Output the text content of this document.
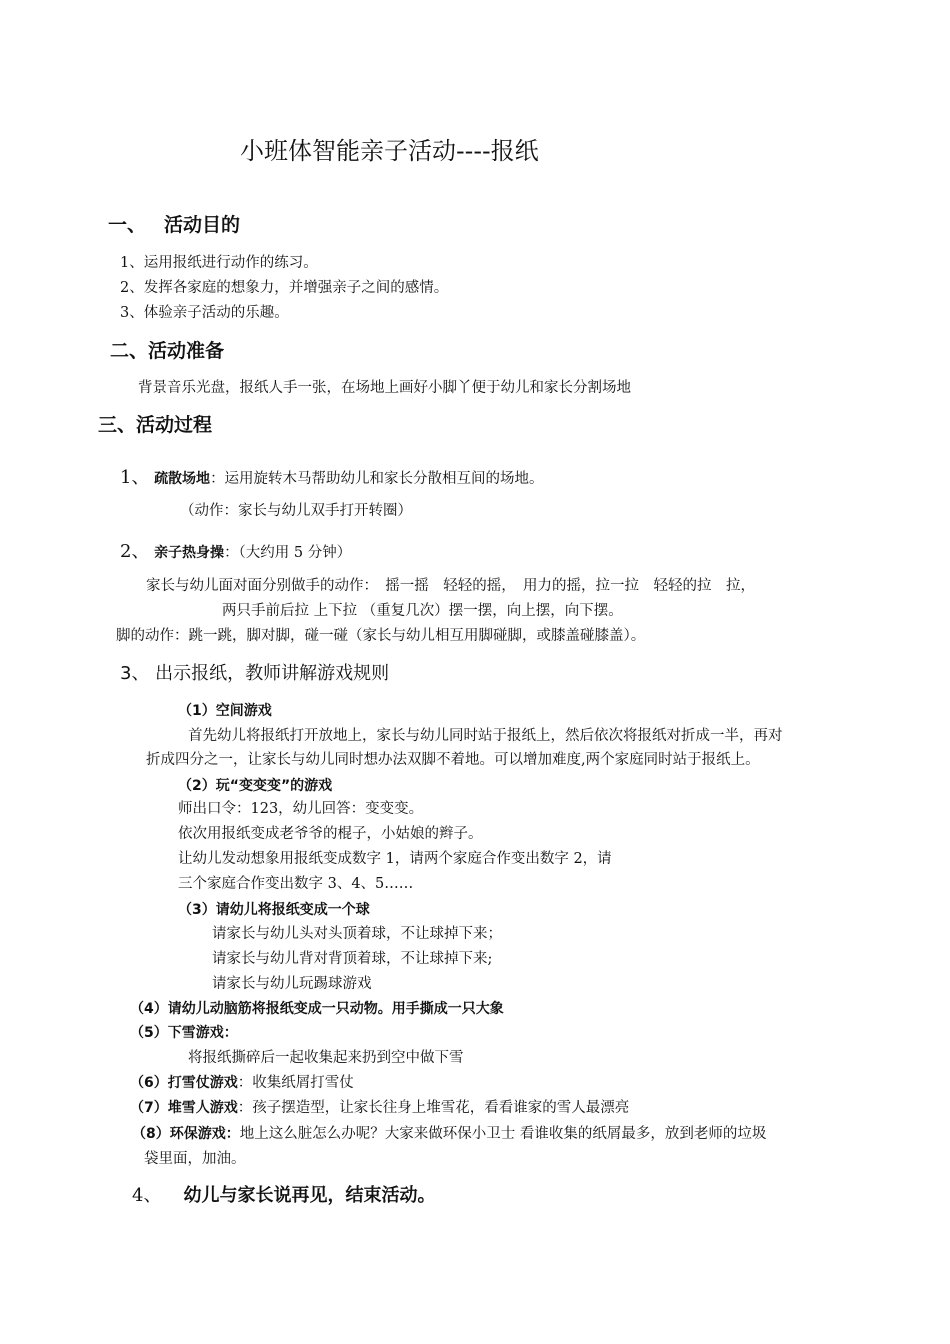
小班体智能亲子活动----报纸
一、 活动目的
1、运用报纸进行动作的练习。
2、发挥各家庭的想象力，并增强亲子之间的感情。
3、体验亲子活动的乐趣。
二、活动准备
背景音乐光盘，报纸人手一张，在场地上画好小脚丫便于幼儿和家长分割场地
三、活动过程
1、 疏散场地：运用旋转木马帮助幼儿和家长分散相互间的场地。
（动作：家长与幼儿双手打开转圈）
2、 亲子热身操：（大约用 5 分钟）
家长与幼儿面对面分别做手的动作：　摇一摇　轻轻的摇，　用力的摇，拉一拉　轻轻的拉　拉，
两只手前后拉 上下拉 （重复几次）摆一摆，向上摆，向下摆。
脚的动作：跳一跳，脚对脚，碰一碰（家长与幼儿相互用脚碰脚，或膝盖碰膝盖）。
3、 出示报纸，教师讲解游戏规则
（1）空间游戏
首先幼儿将报纸打开放地上，家长与幼儿同时站于报纸上，然后依次将报纸对折成一半，再对
折成四分之一，让家长与幼儿同时想办法双脚不着地。可以增加难度,两个家庭同时站于报纸上。
（2）玩“变变变”的游戏
师出口令：123，幼儿回答：变变变。
依次用报纸变成老爷爷的棍子，小姑娘的辫子。
让幼儿发动想象用报纸变成数字 1，请两个家庭合作变出数字 2，请
三个家庭合作变出数字 3、4、5……
（3）请幼儿将报纸变成一个球
请家长与幼儿头对头顶着球，不让球掉下来；
请家长与幼儿背对背顶着球，不让球掉下来;
请家长与幼儿玩踢球游戏
（4）请幼儿动脑筋将报纸变成一只动物。用手撕成一只大象
（5）下雪游戏：
将报纸撕碎后一起收集起来扔到空中做下雪
（6）打雪仗游戏：收集纸屑打雪仗
（7）堆雪人游戏：孩子摆造型，让家长往身上堆雪花，看看谁家的雪人最漂亮
（8）环保游戏：地上这么脏怎么办呢？大家来做环保小卫士 看谁收集的纸屑最多，放到老师的垃圾
袋里面，加油。
4、 幼儿与家长说再见，结束活动。
